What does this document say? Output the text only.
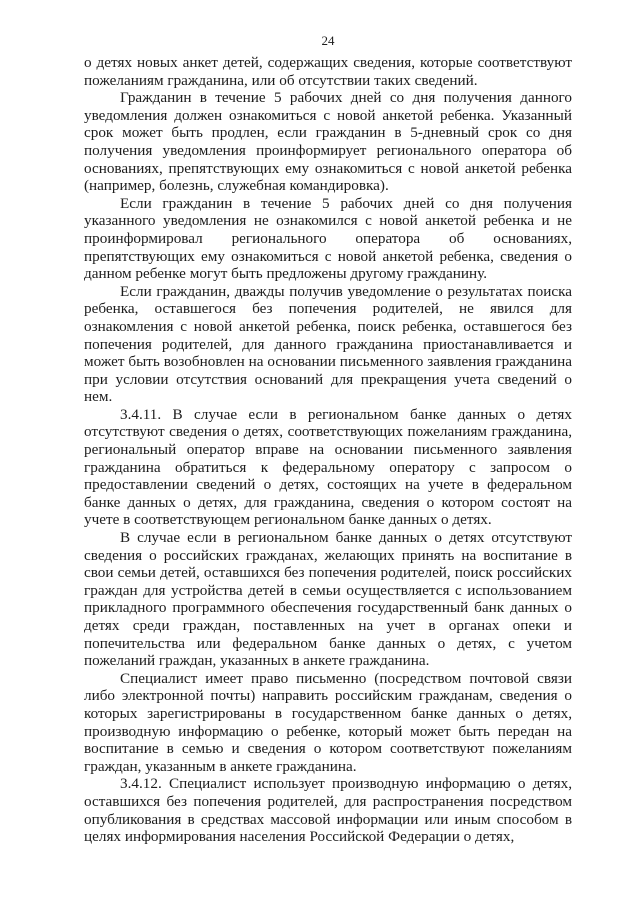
24

о детях новых анкет детей, содержащих сведения, которые соответствуют пожеланиям гражданина, или об отсутствии таких сведений.

Гражданин в течение 5 рабочих дней со дня получения данного уведомления должен ознакомиться с новой анкетой ребенка. Указанный срок может быть продлен, если гражданин в 5-дневный срок со дня получения уведомления проинформирует регионального оператора об основаниях, препятствующих ему ознакомиться с новой анкетой ребенка (например, болезнь, служебная командировка).

Если гражданин в течение 5 рабочих дней со дня получения указанного уведомления не ознакомился с новой анкетой ребенка и не проинформировал регионального оператора об основаниях, препятствующих ему ознакомиться с новой анкетой ребенка, сведения о данном ребенке могут быть предложены другому гражданину.

Если гражданин, дважды получив уведомление о результатах поиска ребенка, оставшегося без попечения родителей, не явился для ознакомления с новой анкетой ребенка, поиск ребенка, оставшегося без попечения родителей, для данного гражданина приостанавливается и может быть возобновлен на основании письменного заявления гражданина при условии отсутствия оснований для прекращения учета сведений о нем.

3.4.11. В случае если в региональном банке данных о детях отсутствуют сведения о детях, соответствующих пожеланиям гражданина, региональный оператор вправе на основании письменного заявления гражданина обратиться к федеральному оператору с запросом о предоставлении сведений о детях, состоящих на учете в федеральном банке данных о детях, для гражданина, сведения о котором состоят на учете в соответствующем региональном банке данных о детях.

В случае если в региональном банке данных о детях отсутствуют сведения о российских гражданах, желающих принять на воспитание в свои семьи детей, оставшихся без попечения родителей, поиск российских граждан для устройства детей в семьи осуществляется с использованием прикладного программного обеспечения государственный банк данных о детях среди граждан, поставленных на учет в органах опеки и попечительства или федеральном банке данных о детях, с учетом пожеланий граждан, указанных в анкете гражданина.

Специалист имеет право письменно (посредством почтовой связи либо электронной почты) направить российским гражданам, сведения о которых зарегистрированы в государственном банке данных о детях, производную информацию о ребенке, который может быть передан на воспитание в семью и сведения о котором соответствуют пожеланиям граждан, указанным в анкете гражданина.

3.4.12. Специалист использует производную информацию о детях, оставшихся без попечения родителей, для распространения посредством опубликования в средствах массовой информации или иным способом в целях информирования населения Российской Федерации о детях,
